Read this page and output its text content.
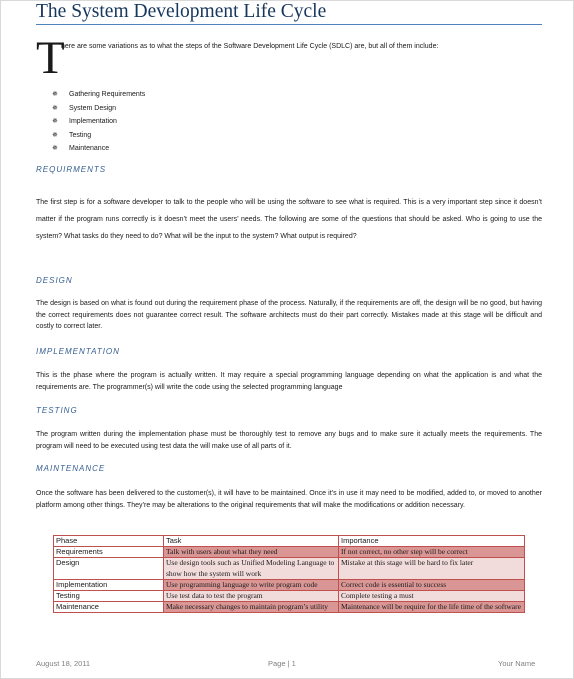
The System Development Life Cycle
T
here are some variations as to what the steps of the Software Development Life Cycle (SDLC) are, but all of them include:
✵ Gathering Requirements
✵ System Design
✵ Implementation
✵ Testing
✵ Maintenance
REQUIRMENTS

The first step is for a software developer to talk to the people who will be using the software to see what is required. This is a very important step since it doesn’t matter if the program runs correctly is it doesn’t meet the users’ needs. The following are some of the questions that should be asked. Who is going to use the system? What tasks do they need to do? What will be the input to the system? What output is required?

DESIGN

The design is based on what is found out during the requirement phase of the process. Naturally, if the requirements are off, the design will be no good, but having the correct requirements does not guarantee correct result. The software architects must do their part correctly. Mistakes made at this stage will be difficult and costly to correct later.

IMPLEMENTATION

This is the phase where the program is actually written. It may require a special programming language depending on what the application is and what the requirements are. The programmer(s) will write the code using the selected programming language

TESTING

The program written during the implementation phase must be thoroughly test to remove any bugs and to make sure it actually meets the requirements. The program will need to be executed using test data the will make use of all parts of it.

MAINTENANCE

Once the software has been delivered to the customer(s), it will have to be maintained. Once it’s in use it may need to be modified, added to, or moved to another platform among other things. They’re may be alterations to the original requirements that will make the modifications or addition necessary.

Phase	Task	Importance
Requirements	Talk with users about what they need	If not correct, no other step will be correct
Design	Use design tools such as Unified Modeling Language to show how the system will work	Mistake at this stage will be hard to fix later
Implementation	Use programming language to write program code	Correct code is essential to success
Testing	Use test data to test the program	Complete testing a must
Maintenance	Make necessary changes to maintain program’s utility	Maintenance will be require for the life time of the software
August 18, 2011	Page | 1	Your Name
